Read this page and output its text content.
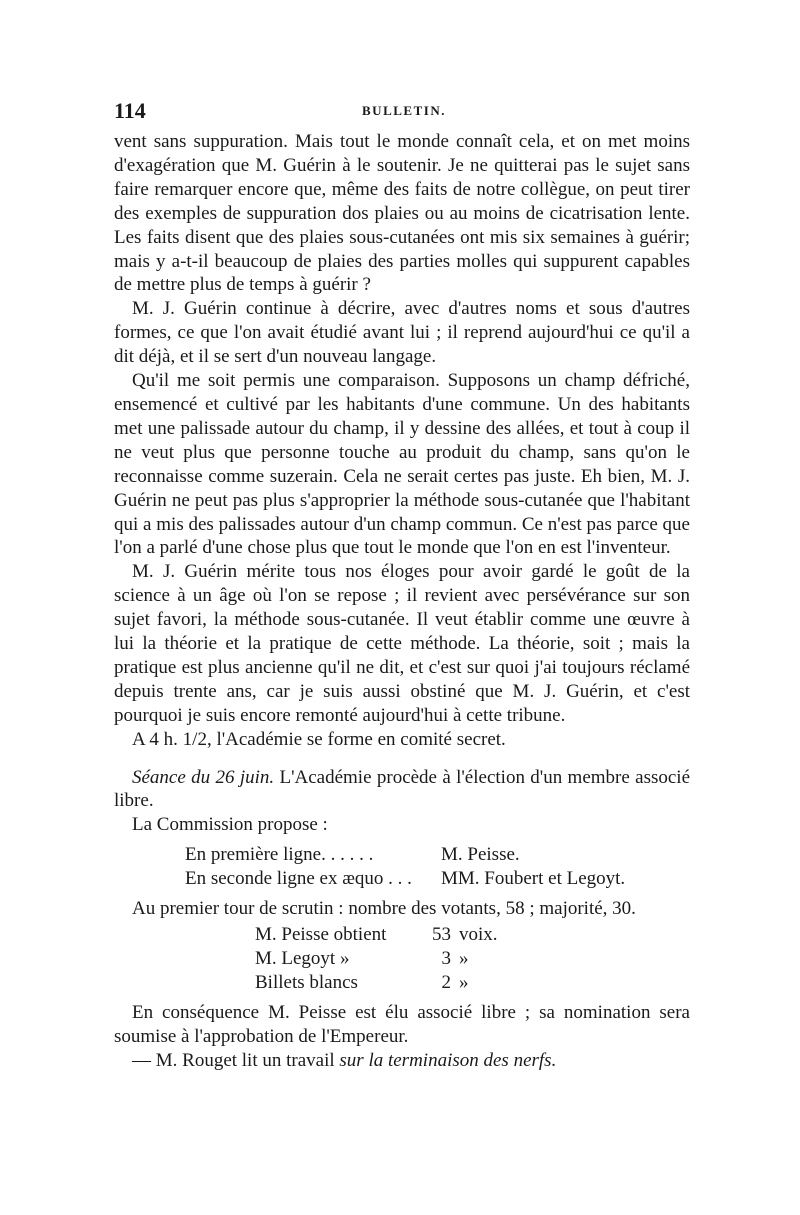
114	BULLETIN.

vent sans suppuration. Mais tout le monde connaît cela, et on met moins d'exagération que M. Guérin à le soutenir. Je ne quitterai pas le sujet sans faire remarquer encore que, même des faits de notre collègue, on peut tirer des exemples de suppuration dos plaies ou au moins de cicatrisation lente. Les faits disent que des plaies sous-cutanées ont mis six semaines à guérir; mais y a-t-il beaucoup de plaies des parties molles qui suppurent capables de mettre plus de temps à guérir ?

M. J. Guérin continue à décrire, avec d'autres noms et sous d'autres formes, ce que l'on avait étudié avant lui ; il reprend aujourd'hui ce qu'il a dit déjà, et il se sert d'un nouveau langage.

Qu'il me soit permis une comparaison. Supposons un champ défriché, ensemencé et cultivé par les habitants d'une commune. Un des habitants met une palissade autour du champ, il y dessine des allées, et tout à coup il ne veut plus que personne touche au produit du champ, sans qu'on le reconnaisse comme suzerain. Cela ne serait certes pas juste. Eh bien, M. J. Guérin ne peut pas plus s'approprier la méthode sous-cutanée que l'habitant qui a mis des palissades autour d'un champ commun. Ce n'est pas parce que l'on a parlé d'une chose plus que tout le monde que l'on en est l'inventeur.

M. J. Guérin mérite tous nos éloges pour avoir gardé le goût de la science à un âge où l'on se repose ; il revient avec persévérance sur son sujet favori, la méthode sous-cutanée. Il veut établir comme une œuvre à lui la théorie et la pratique de cette méthode. La théorie, soit ; mais la pratique est plus ancienne qu'il ne dit, et c'est sur quoi j'ai toujours réclamé depuis trente ans, car je suis aussi obstiné que M. J. Guérin, et c'est pourquoi je suis encore remonté aujourd'hui à cette tribune.

A 4 h. 1/2, l'Académie se forme en comité secret.

Séance du 26 juin. L'Académie procède à l'élection d'un membre associé libre.

La Commission propose :

En première ligne. . . . . .	M. Peisse.
En seconde ligne ex æquo . . .	MM. Foubert et Legoyt.

Au premier tour de scrutin : nombre des votants, 58 ; majorité, 30.

M. Peisse obtient	53 voix.
M. Legoyt »	3 »
Billets blancs	2 »

En conséquence M. Peisse est élu associé libre ; sa nomination sera soumise à l'approbation de l'Empereur.

— M. Rouget lit un travail sur la terminaison des nerfs.
